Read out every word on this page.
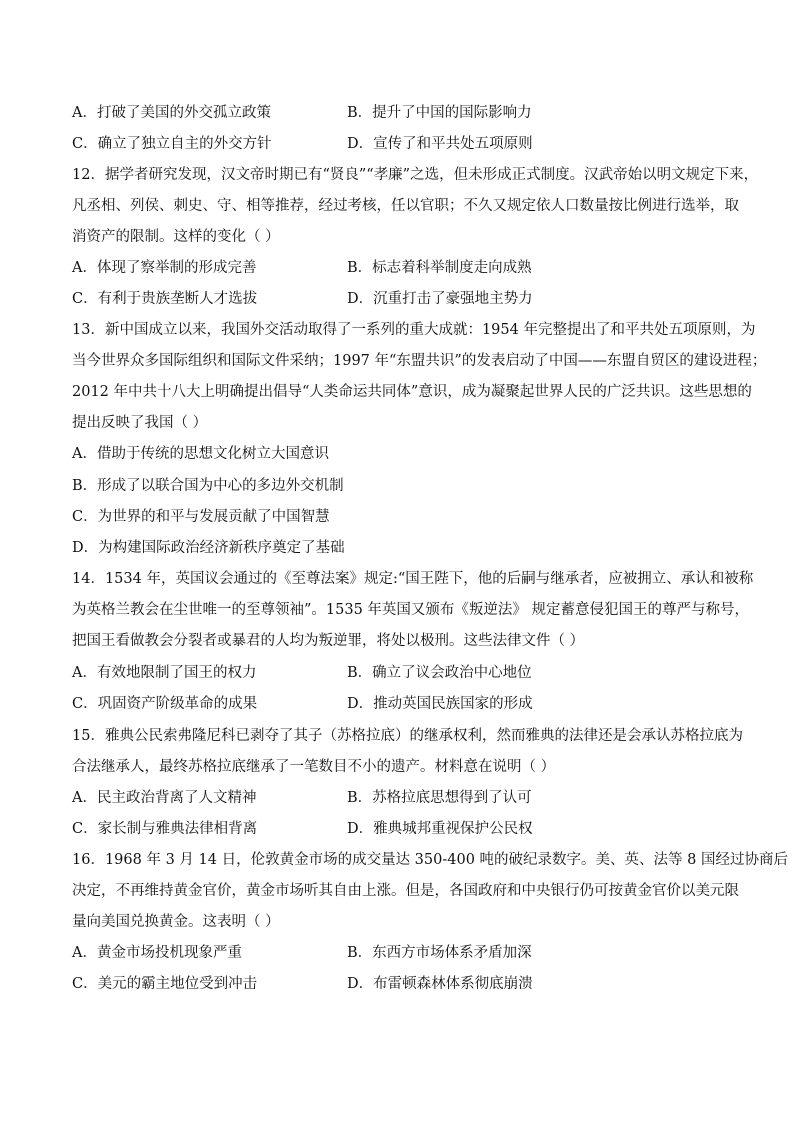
A．打破了美国的外交孤立政策	B．提升了中国的国际影响力
C．确立了独立自主的外交方针	D．宣传了和平共处五项原则
12．据学者研究发现，汉文帝时期已有“贤良”“孝廉”之选，但未形成正式制度。汉武帝始以明文规定下来，
凡丞相、列侯、刺史、守、相等推荐，经过考核，任以官职；不久又规定依人口数量按比例进行选举，取
消资产的限制。这样的变化（ ）
A．体现了察举制的形成完善	B．标志着科举制度走向成熟
C．有利于贵族垄断人才选拔	D．沉重打击了豪强地主势力
13．新中国成立以来，我国外交活动取得了一系列的重大成就：1954 年完整提出了和平共处五项原则，为
当今世界众多国际组织和国际文件采纳；1997 年“东盟共识”的发表启动了中国——东盟自贸区的建设进程；
2012 年中共十八大上明确提出倡导“人类命运共同体”意识，成为凝聚起世界人民的广泛共识。这些思想的
提出反映了我国（ ）
A．借助于传统的思想文化树立大国意识
B．形成了以联合国为中心的多边外交机制
C．为世界的和平与发展贡献了中国智慧
D．为构建国际政治经济新秩序奠定了基础
14．1534 年，英国议会通过的《至尊法案》规定:“国王陛下，他的后嗣与继承者，应被拥立、承认和被称
为英格兰教会在尘世唯一的至尊领袖”。1535 年英国又颁布《叛逆法》 规定蓄意侵犯国王的尊严与称号，
把国王看做教会分裂者或暴君的人均为叛逆罪，将处以极刑。这些法律文件（ ）
A．有效地限制了国王的权力	B．确立了议会政治中心地位
C．巩固资产阶级革命的成果	D．推动英国民族国家的形成
15．雅典公民索弗隆尼科已剥夺了其子（苏格拉底）的继承权利，然而雅典的法律还是会承认苏格拉底为
合法继承人，最终苏格拉底继承了一笔数目不小的遗产。材料意在说明（ ）
A．民主政治背离了人文精神	B．苏格拉底思想得到了认可
C．家长制与雅典法律相背离	D．雅典城邦重视保护公民权
16．1968 年 3 月 14 日，伦敦黄金市场的成交量达 350-400 吨的破纪录数字。美、英、法等 8 国经过协商后
决定，不再维持黄金官价，黄金市场听其自由上涨。但是，各国政府和中央银行仍可按黄金官价以美元限
量向美国兑换黄金。这表明（ ）
A．黄金市场投机现象严重	B．东西方市场体系矛盾加深
C．美元的霸主地位受到冲击	D．布雷顿森林体系彻底崩溃
